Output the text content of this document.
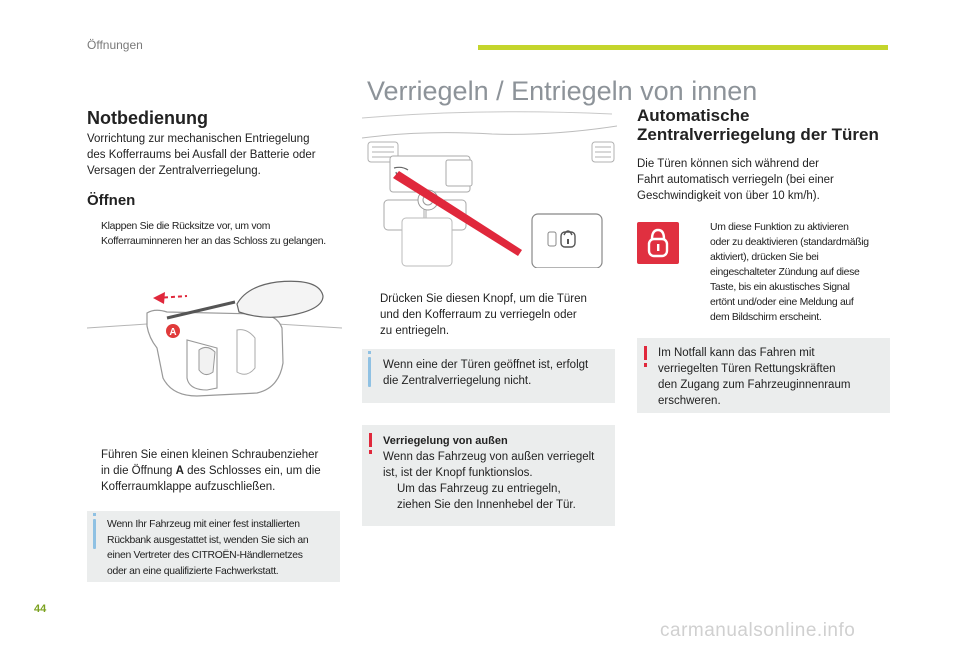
Öffnungen
Verriegeln / Entriegeln von innen
Notbedienung
Vorrichtung zur mechanischen Entriegelung
des Kofferraums bei Ausfall der Batterie oder
Versagen der Zentralverriegelung.
Öffnen
Klappen Sie die Rücksitze vor, um vom
Kofferrauminneren her an das Schloss zu gelangen.
A
Führen Sie einen kleinen Schraubenzieher
in die Öffnung A des Schlosses ein, um die
Kofferraumklappe aufzuschließen.
Wenn Ihr Fahrzeug mit einer fest installierten
Rückbank ausgestattet ist, wenden Sie sich an
einen Vertreter des CITROËN-Händlernetzes
oder an eine qualifizierte Fachwerkstatt.
Drücken Sie diesen Knopf, um die Türen
und den Kofferraum zu verriegeln oder
zu entriegeln.
Wenn eine der Türen geöffnet ist, erfolgt
die Zentralverriegelung nicht.
Verriegelung von außen
Wenn das Fahrzeug von außen verriegelt
ist, ist der Knopf funktionslos.
Um das Fahrzeug zu entriegeln,
ziehen Sie den Innenhebel der Tür.
Automatische
Zentralverriegelung der Türen
Die Türen können sich während der
Fahrt automatisch verriegeln (bei einer
Geschwindigkeit von über 10 km/h).
Um diese Funktion zu aktivieren
oder zu deaktivieren (standardmäßig
aktiviert), drücken Sie bei
eingeschalteter Zündung auf diese
Taste, bis ein akustisches Signal
ertönt und/oder eine Meldung auf
dem Bildschirm erscheint.
Im Notfall kann das Fahren mit
verriegelten Türen Rettungskräften
den Zugang zum Fahrzeuginnenraum
erschweren.
44
carmanualsonline.info
